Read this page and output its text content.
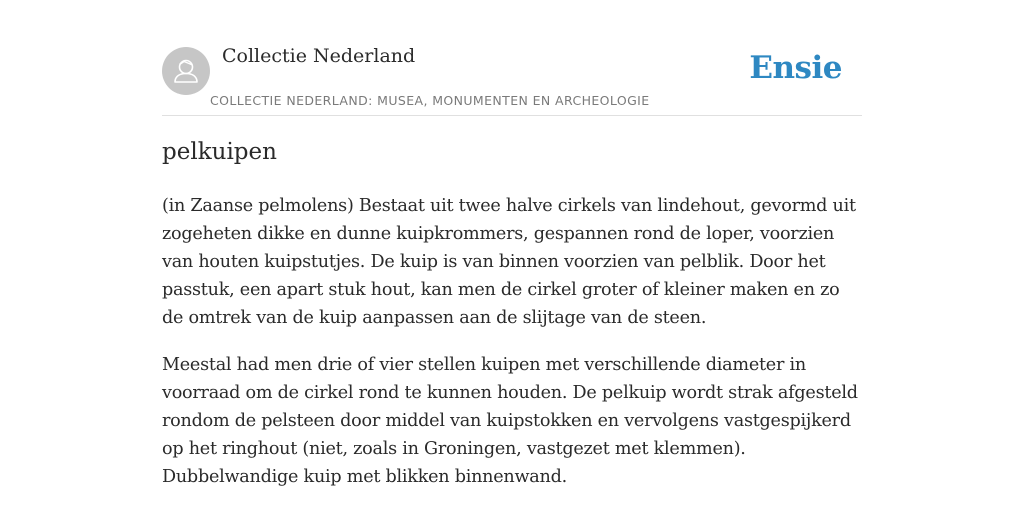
Collectie Nederland
COLLECTIE NEDERLAND: MUSEA, MONUMENTEN EN ARCHEOLOGIE
Ensie
pelkuipen

(in Zaanse pelmolens) Bestaat uit twee halve cirkels van lindehout, gevormd uit zogeheten dikke en dunne kuipkrommers, gespannen rond de loper, voorzien van houten kuipstutjes. De kuip is van binnen voorzien van pelblik. Door het passtuk, een apart stuk hout, kan men de cirkel groter of kleiner maken en zo de omtrek van de kuip aanpassen aan de slijtage van de steen.

Meestal had men drie of vier stellen kuipen met verschillende diameter in voorraad om de cirkel rond te kunnen houden. De pelkuip wordt strak afgesteld rondom de pelsteen door middel van kuipstokken en vervolgens vastgespijkerd op het ringhout (niet, zoals in Groningen, vastgezet met klemmen). Dubbelwandige kuip met blikken binnenwand.
